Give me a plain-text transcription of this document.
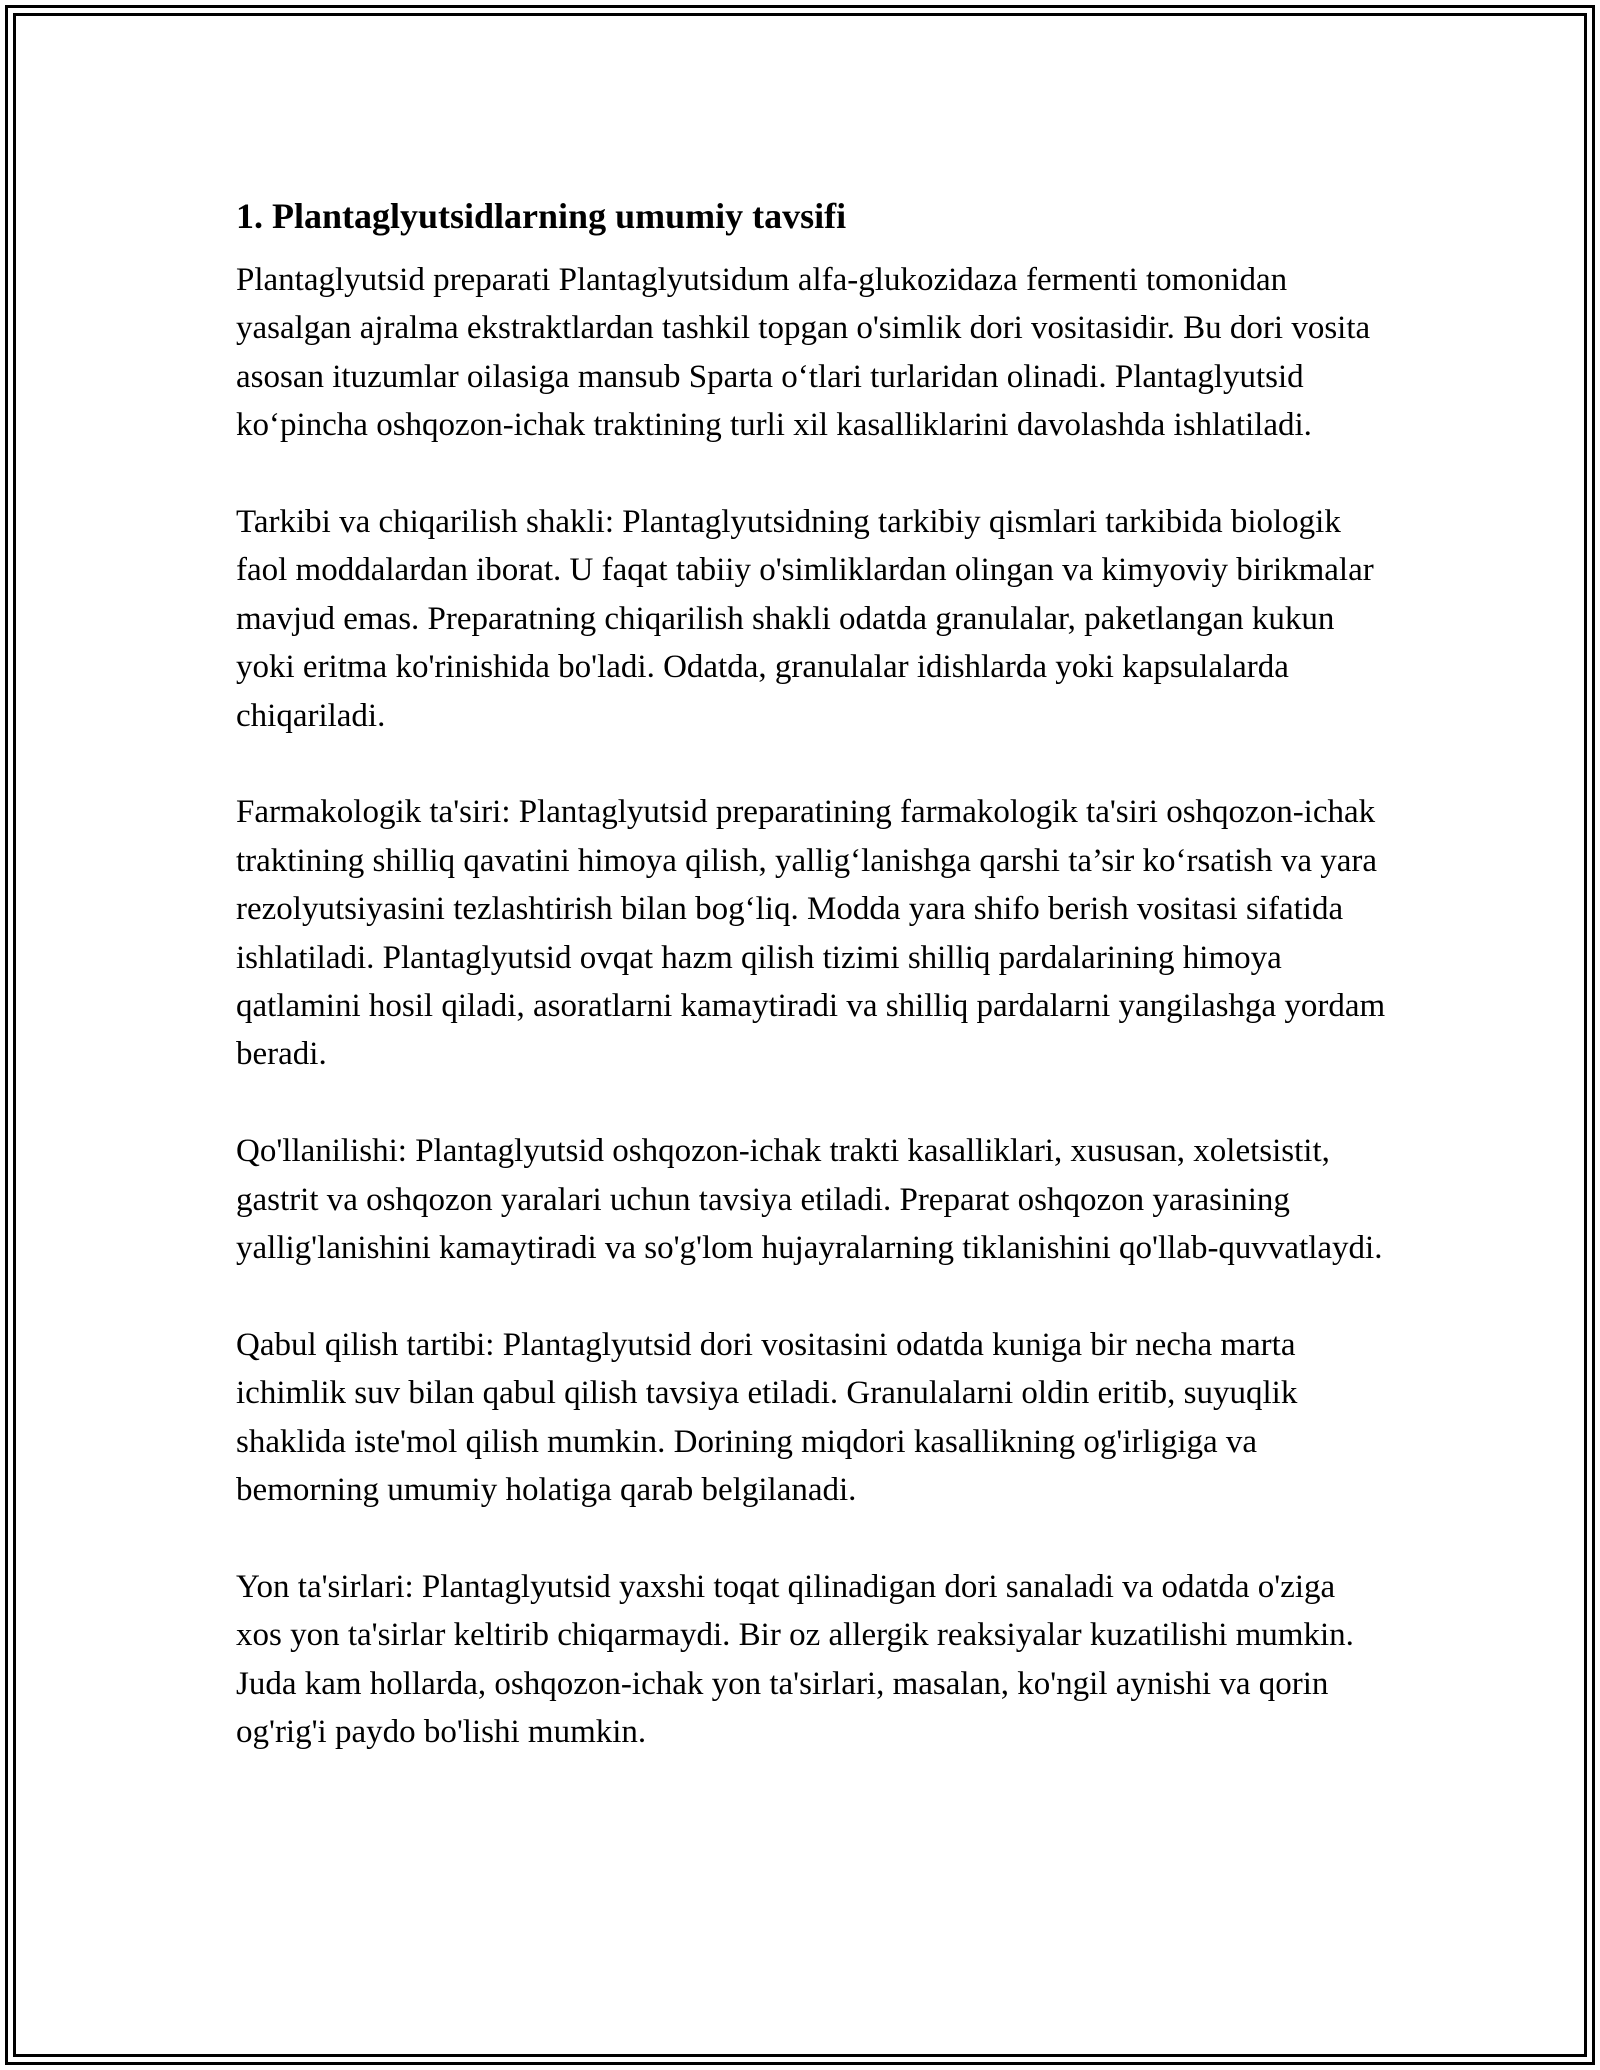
1. Plantaglyutsidlarning umumiy tavsifi

Plantaglyutsid preparati Plantaglyutsidum alfa-glukozidaza fermenti tomonidan yasalgan ajralma ekstraktlardan tashkil topgan o'simlik dori vositasidir. Bu dori vosita asosan ituzumlar oilasiga mansub Sparta o‘tlari turlaridan olinadi. Plantaglyutsid ko‘pincha oshqozon-ichak traktining turli xil kasalliklarini davolashda ishlatiladi.

Tarkibi va chiqarilish shakli: Plantaglyutsidning tarkibiy qismlari tarkibida biologik faol moddalardan iborat. U faqat tabiiy o'simliklardan olingan va kimyoviy birikmalar mavjud emas. Preparatning chiqarilish shakli odatda granulalar, paketlangan kukun yoki eritma ko'rinishida bo'ladi. Odatda, granulalar idishlarda yoki kapsulalarda chiqariladi.

Farmakologik ta'siri: Plantaglyutsid preparatining farmakologik ta'siri oshqozon-ichak traktining shilliq qavatini himoya qilish, yallig‘lanishga qarshi ta’sir ko‘rsatish va yara rezolyutsiyasini tezlashtirish bilan bog‘liq. Modda yara shifo berish vositasi sifatida ishlatiladi. Plantaglyutsid ovqat hazm qilish tizimi shilliq pardalarining himoya qatlamini hosil qiladi, asoratlarni kamaytiradi va shilliq pardalarni yangilashga yordam beradi.

Qo'llanilishi: Plantaglyutsid oshqozon-ichak trakti kasalliklari, xususan, xoletsistit, gastrit va oshqozon yaralari uchun tavsiya etiladi. Preparat oshqozon yarasining yallig'lanishini kamaytiradi va so'g'lom hujayralarning tiklanishini qo'llab-quvvatlaydi.

Qabul qilish tartibi: Plantaglyutsid dori vositasini odatda kuniga bir necha marta ichimlik suv bilan qabul qilish tavsiya etiladi. Granulalarni oldin eritib, suyuqlik shaklida iste'mol qilish mumkin. Dorining miqdori kasallikning og'irligiga va bemorning umumiy holatiga qarab belgilanadi.

Yon ta'sirlari: Plantaglyutsid yaxshi toqat qilinadigan dori sanaladi va odatda o'ziga xos yon ta'sirlar keltirib chiqarmaydi. Bir oz allergik reaksiyalar kuzatilishi mumkin. Juda kam hollarda, oshqozon-ichak yon ta'sirlari, masalan, ko'ngil aynishi va qorin og'rig'i paydo bo'lishi mumkin.
